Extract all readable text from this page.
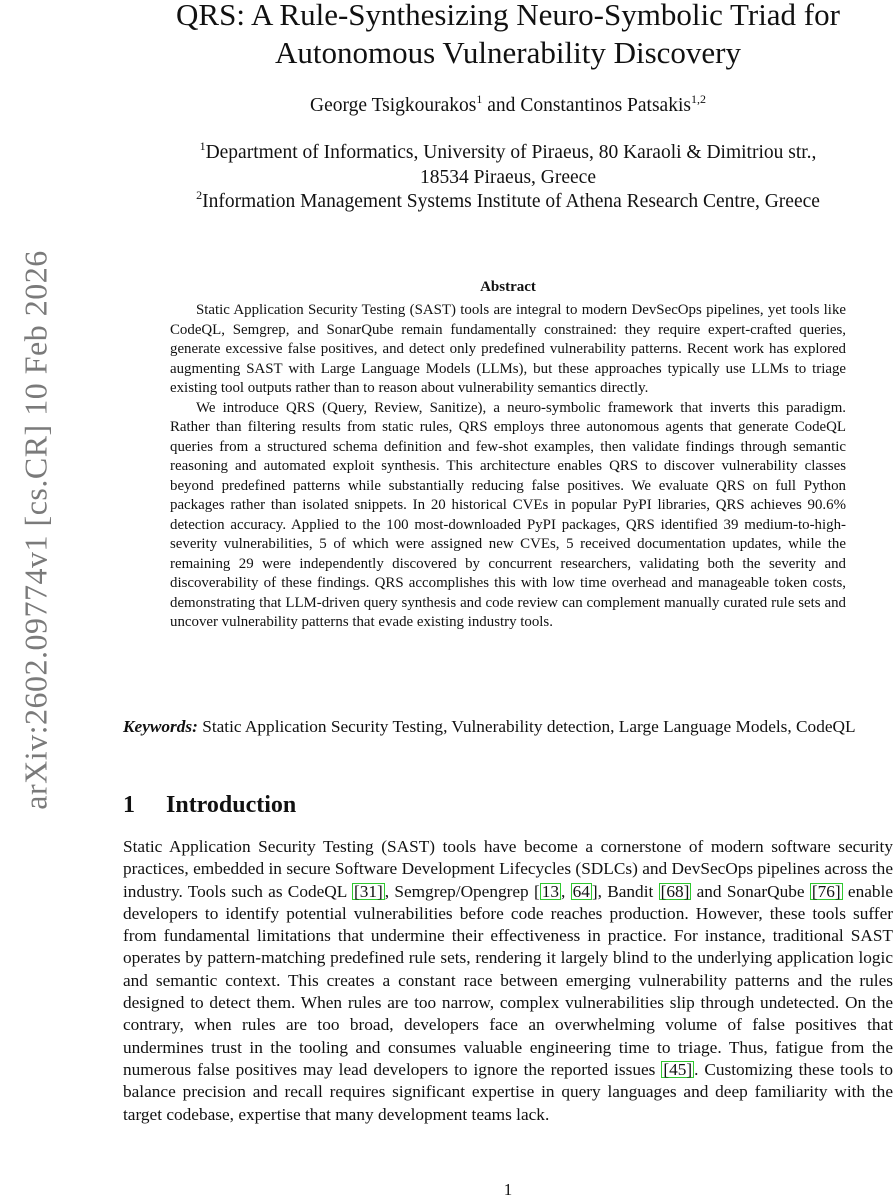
arXiv:2602.09774v1 [cs.CR] 10 Feb 2026
QRS: A Rule-Synthesizing Neuro-Symbolic Triad for
Autonomous Vulnerability Discovery
George Tsigkourakos$^1$ and Constantinos Patsakis$^{1,2}$
$^1$Department of Informatics, University of Piraeus, 80 Karaoli & Dimitriou str.,
18534 Piraeus, Greece
$^2$Information Management Systems Institute of Athena Research Centre, Greece
Abstract

Static Application Security Testing (SAST) tools are integral to modern DevSecOps pipelines, yet tools like CodeQL, Semgrep, and SonarQube remain fundamentally constrained: they require expert-crafted queries, generate excessive false positives, and detect only predefined vulnerability patterns. Recent work has explored augmenting SAST with Large Language Models (LLMs), but these approaches typically use LLMs to triage existing tool outputs rather than to reason about vulnerability semantics directly.

We introduce QRS (Query, Review, Sanitize), a neuro-symbolic framework that inverts this paradigm. Rather than filtering results from static rules, QRS employs three autonomous agents that generate CodeQL queries from a structured schema definition and few-shot examples, then validate findings through semantic reasoning and automated exploit synthesis. This architecture enables QRS to discover vulnerability classes beyond predefined patterns while substantially reducing false positives. We evaluate QRS on full Python packages rather than isolated snippets. In 20 historical CVEs in popular PyPI libraries, QRS achieves 90.6% detection accuracy. Applied to the 100 most-downloaded PyPI packages, QRS identified 39 medium-to-high-severity vulnerabilities, 5 of which were assigned new CVEs, 5 received documentation updates, while the remaining 29 were independently discovered by concurrent researchers, validating both the severity and discoverability of these findings. QRS accomplishes this with low time overhead and manageable token costs, demonstrating that LLM-driven query synthesis and code review can complement manually curated rule sets and uncover vulnerability patterns that evade existing industry tools.

Keywords: Static Application Security Testing, Vulnerability detection, Large Language Models, CodeQL
1 Introduction

Static Application Security Testing (SAST) tools have become a cornerstone of modern software security practices, embedded in secure Software Development Lifecycles (SDLCs) and DevSecOps pipelines across the industry. Tools such as CodeQL [31] , Semgrep/Opengrep [ 13 , 64 ], Bandit [68] and SonarQube [76] enable developers to identify potential vulnerabilities before code reaches production. However, these tools suffer from fundamental limitations that undermine their effectiveness in practice. For instance, traditional SAST operates by pattern-matching predefined rule sets, rendering it largely blind to the underlying application logic and semantic context. This creates a constant race between emerging vulnerability patterns and the rules designed to detect them. When rules are too narrow, complex vulnerabilities slip through undetected. On the contrary, when rules are too broad, developers face an overwhelming volume of false positives that undermines trust in the tooling and consumes valuable engineering time to triage. Thus, fatigue from the numerous false positives may lead developers to ignore the reported issues [45] . Customizing these tools to balance precision and recall requires significant expertise in query languages and deep familiarity with the target codebase, expertise that many development teams lack.

1
